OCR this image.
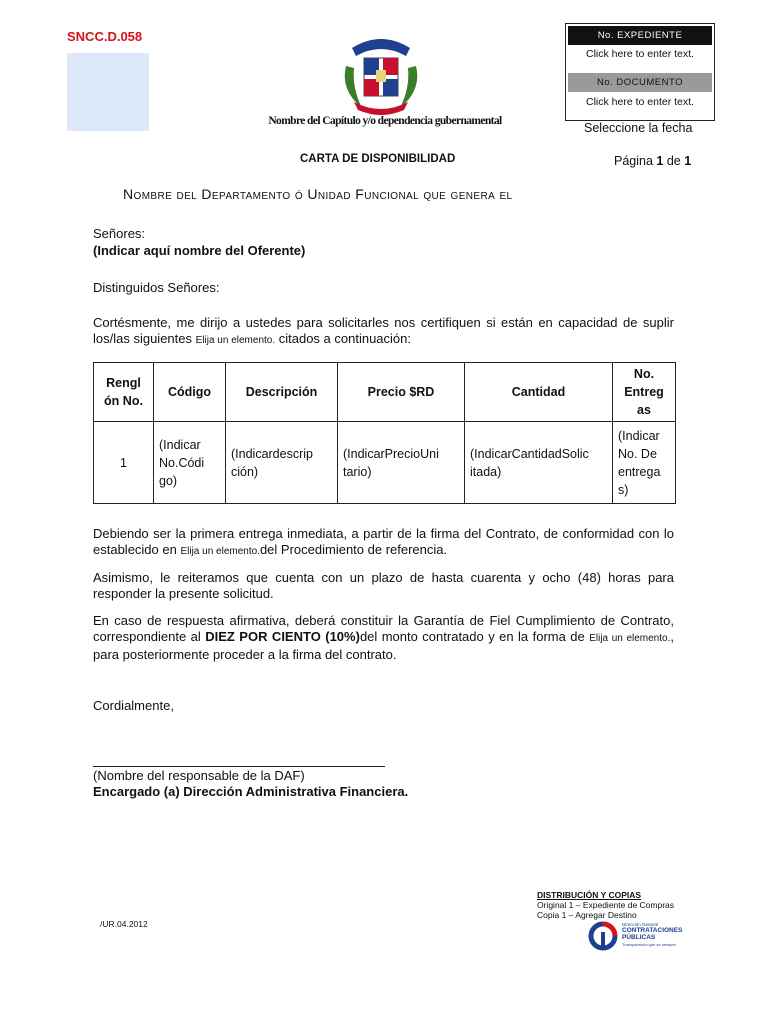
SNCC.D.058
Nombre del Capítulo y/o dependencia gubernamental
No. EXPEDIENTE
Click here to enter text.
No. DOCUMENTO
Click here to enter text.
Seleccione la fecha
CARTA DE DISPONIBILIDAD	Página 1 de 1
Nombre del Departamento ó Unidad Funcional que genera el
Señores:
(Indicar aquí nombre del Oferente)
Distinguidos Señores:
Cortésmente, me dirijo a ustedes para solicitarles nos certifiquen si están en capacidad de suplir los/las siguientes Elija un elemento. citados a continuación:
Rengl ón No.	Código	Descripción	Precio $RD	Cantidad	No. Entreg as
1	(Indicar No.Códi go)	(Indicardescrip ción)	(IndicarPrecioUni tario)	(IndicarCantidadSolic itada)	(Indicar No. De entrega s)
Debiendo ser la primera entrega inmediata, a partir de la firma del Contrato, de conformidad con lo establecido en Elija un elemento.del Procedimiento de referencia.
Asimismo, le reiteramos que cuenta con un plazo de hasta cuarenta y ocho (48) horas para responder la presente solicitud.
En caso de respuesta afirmativa, deberá constituir la Garantía de Fiel Cumplimiento de Contrato, correspondiente al DIEZ POR CIENTO (10%)del monto contratado y en la forma de Elija un elemento., para posteriormente proceder a la firma del contrato.
Cordialmente,
(Nombre del responsable de la DAF)
Encargado (a) Dirección Administrativa Financiera.
DISTRIBUCIÓN Y COPIAS
Original 1 – Expediente de Compras
Copia 1 – Agregar Destino
/UR.04.2012	Dirección General
CONTRATACIONES
PÚBLICAS
Transparencia que se siempre
